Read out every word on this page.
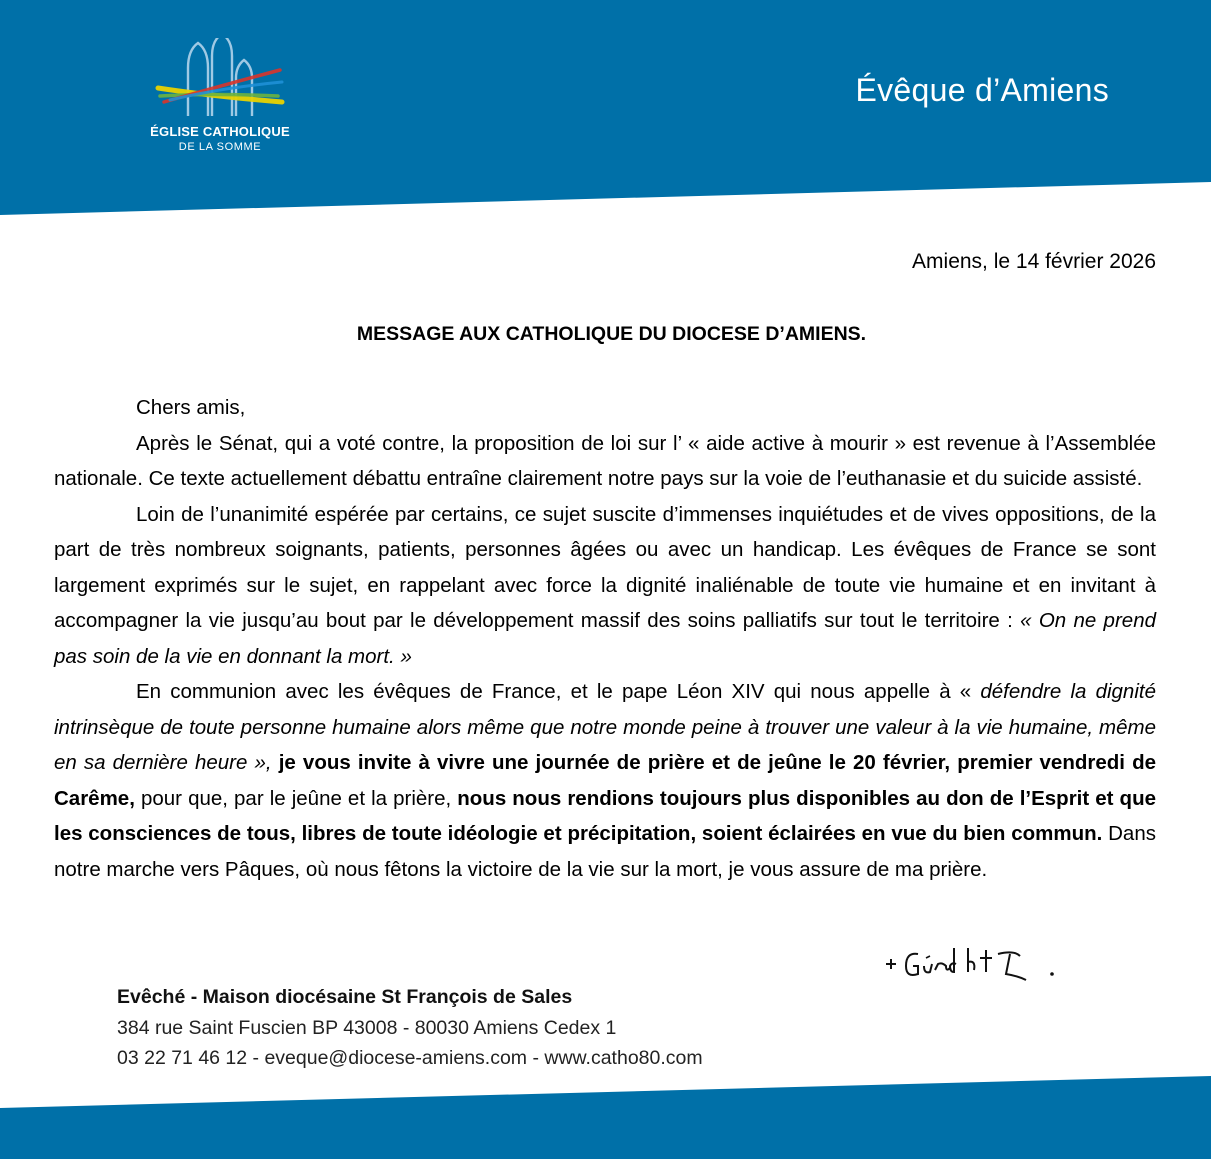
ÉGLISE CATHOLIQUE
DE LA SOMME
Évêque d’Amiens
Amiens, le 14 février 2026
MESSAGE AUX CATHOLIQUE DU DIOCESE D’AMIENS.

Chers amis,

Après le Sénat, qui a voté contre, la proposition de loi sur l’ « aide active à mourir » est revenue à l’Assemblée nationale. Ce texte actuellement débattu entraîne clairement notre pays sur la voie de l’euthanasie et du suicide assisté.

Loin de l’unanimité espérée par certains, ce sujet suscite d’immenses inquiétudes et de vives oppositions, de la part de très nombreux soignants, patients, personnes âgées ou avec un handicap. Les évêques de France se sont largement exprimés sur le sujet, en rappelant avec force la dignité inaliénable de toute vie humaine et en invitant à accompagner la vie jusqu’au bout par le développement massif des soins palliatifs sur tout le territoire : « On ne prend pas soin de la vie en donnant la mort. »

En communion avec les évêques de France, et le pape Léon XIV qui nous appelle à « défendre la dignité intrinsèque de toute personne humaine alors même que notre monde peine à trouver une valeur à la vie humaine, même en sa dernière heure », je vous invite à vivre une journée de prière et de jeûne le 20 février, premier vendredi de Carême, pour que, par le jeûne et la prière, nous nous rendions toujours plus disponibles au don de l’Esprit et que les consciences de tous, libres de toute idéologie et précipitation, soient éclairées en vue du bien commun. Dans notre marche vers Pâques, où nous fêtons la victoire de la vie sur la mort, je vous assure de ma prière.

Evêché - Maison diocésaine St François de Sales
384 rue Saint Fuscien BP 43008 - 80030 Amiens Cedex 1
03 22 71 46 12 - eveque@diocese-amiens.com - www.catho80.com
